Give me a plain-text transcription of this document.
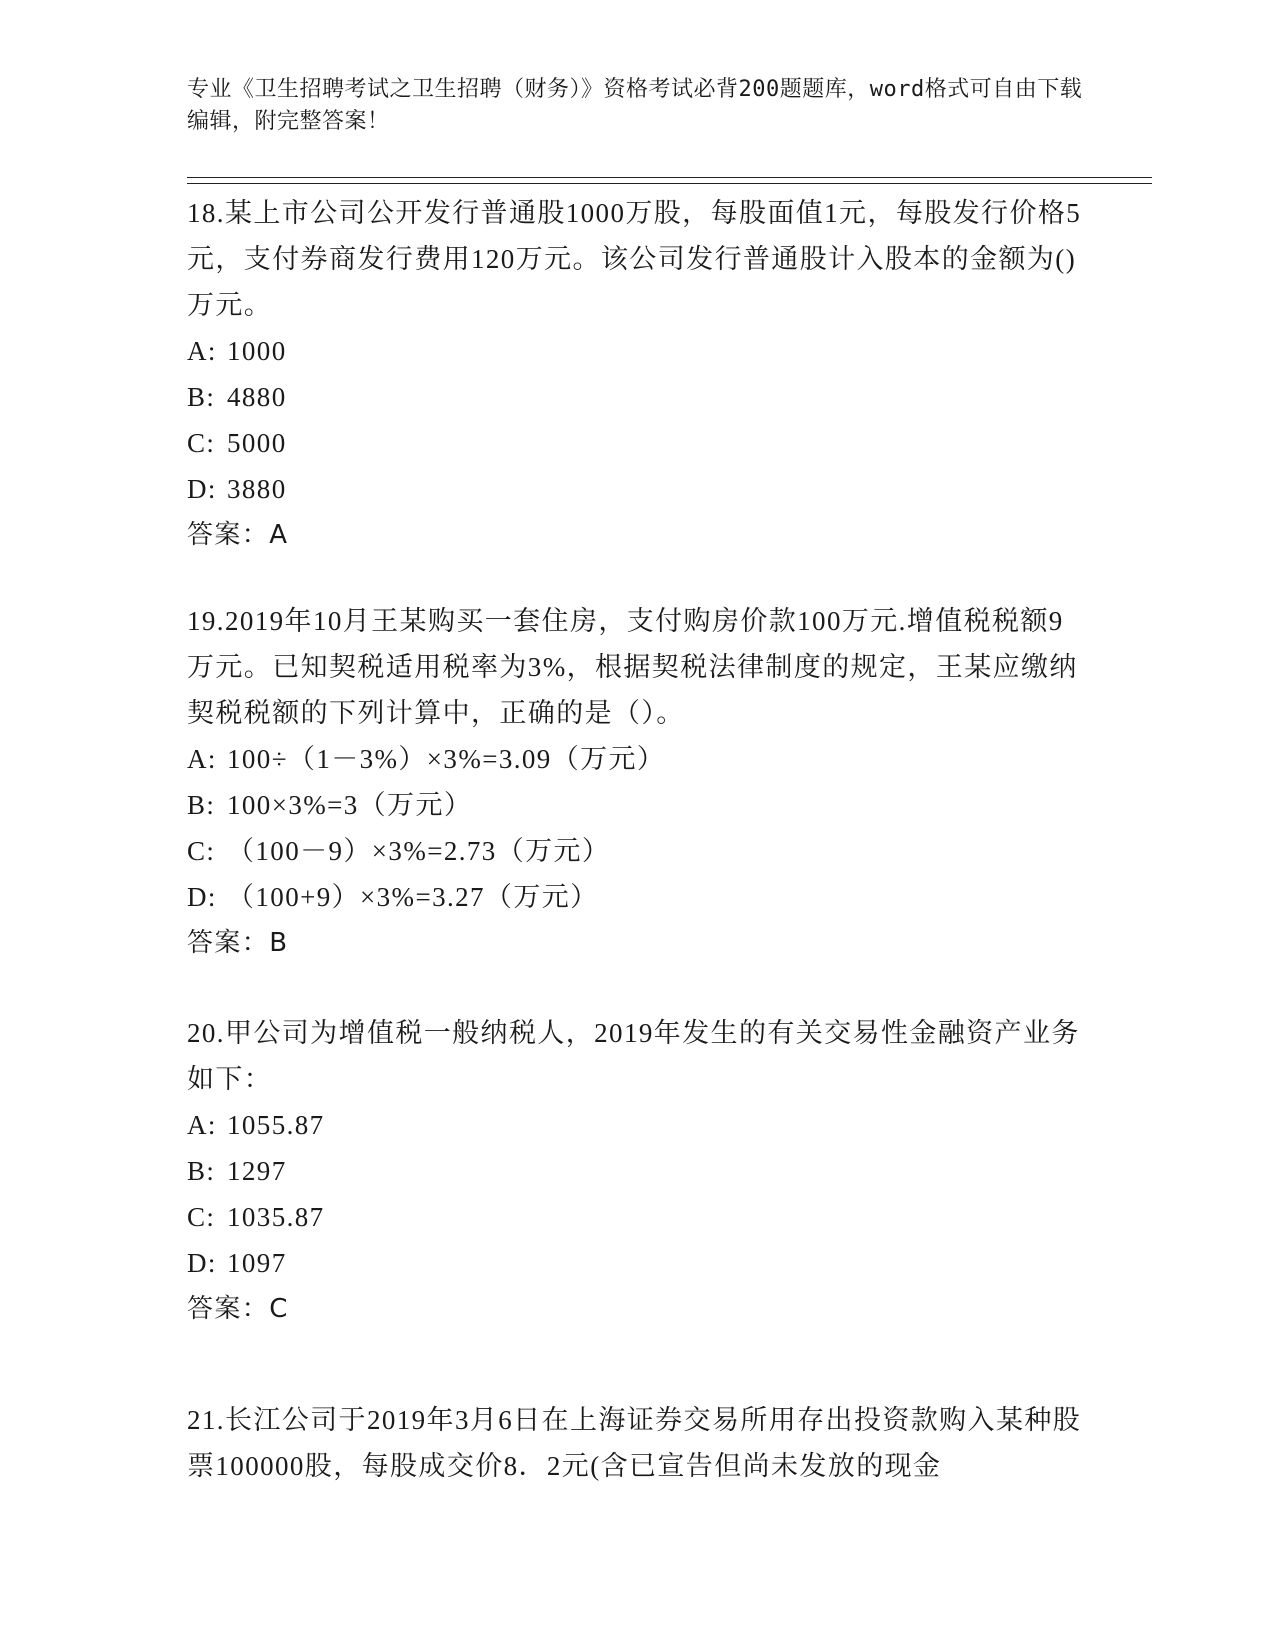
专业《卫生招聘考试之卫生招聘（财务）》资格考试必背200题题库，word格式可自由下载编辑，附完整答案！

18.某上市公司公开发行普通股1000万股，每股面值1元，每股发行价格5元，支付券商发行费用120万元。该公司发行普通股计入股本的金额为()万元。

A: 1000

B: 4880

C: 5000

D: 3880

答案：A

19.2019年10月王某购买一套住房，支付购房价款100万元.增值税税额9万元。已知契税适用税率为3%，根据契税法律制度的规定，王某应缴纳契税税额的下列计算中，正确的是（）。

A: 100÷（1－3%）×3%=3.09（万元）

B: 100×3%=3（万元）

C: （100－9）×3%=2.73（万元）

D: （100+9）×3%=3.27（万元）

答案：B

20.甲公司为增值税一般纳税人，2019年发生的有关交易性金融资产业务如下：

A: 1055.87

B: 1297

C: 1035.87

D: 1097

答案：C

21.长江公司于2019年3月6日在上海证券交易所用存出投资款购入某种股票100000股，每股成交价8．2元(含已宣告但尚未发放的现金
